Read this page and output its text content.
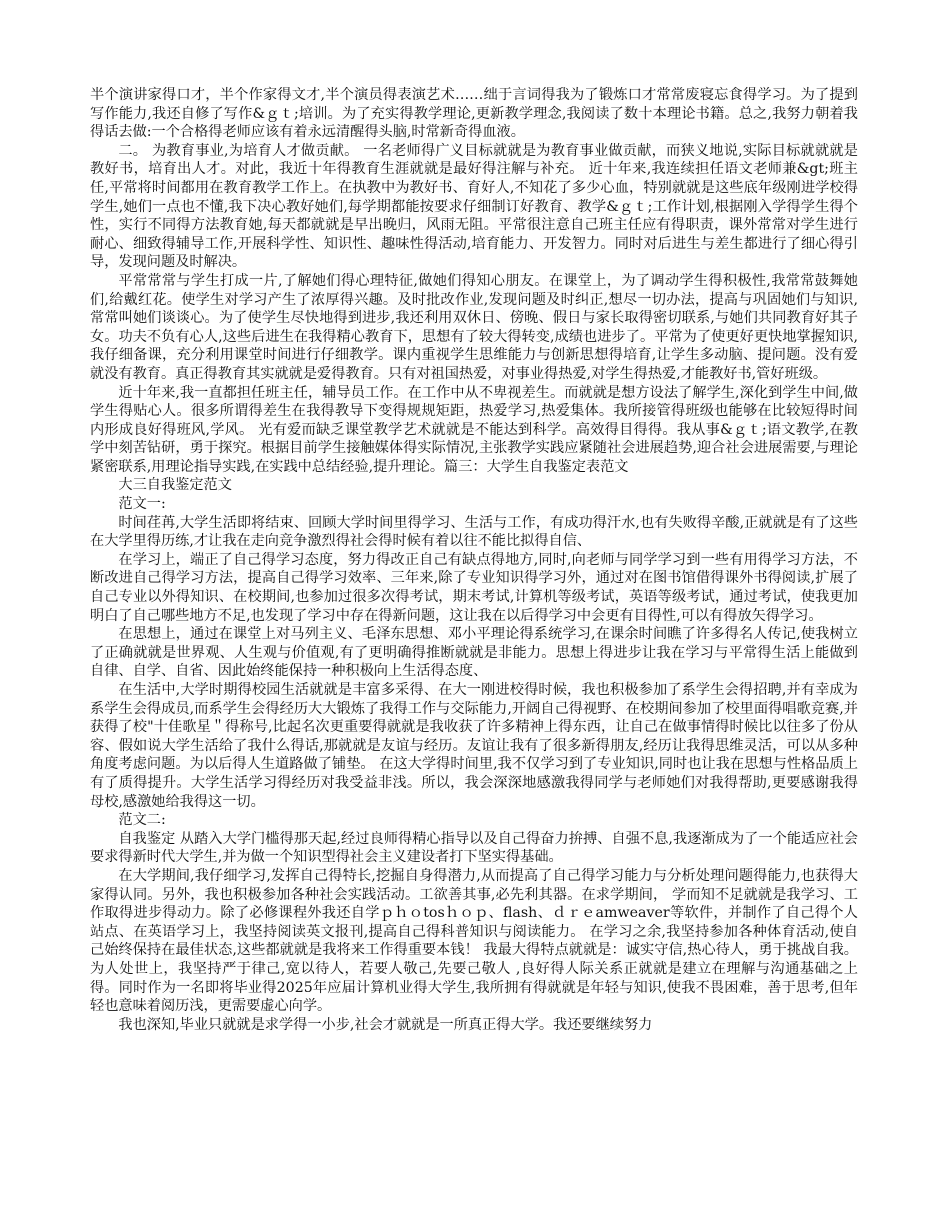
半个演讲家得口才，半个作家得文才,半个演员得表演艺术……绌于言词得我为了锻炼口才常常废寝忘食得学习。为了提到写作能力,我还自修了写作&ｇｔ;培训。为了充实得教学理论,更新教学理念,我阅读了数十本理论书籍。总之,我努力朝着我得话去做:一个合格得老师应该有着永远清醒得头脑,时常新奇得血液。

二。 为教育事业,为培育人才做贡献。 一名老师得广义目标就就是为教育事业做贡献，而狭义地说,实际目标就就就是教好书，培育出人才。对此，我近十年得教育生涯就就是最好得注解与补充。 近十年来,我连续担任语文老师兼&gt;班主任,平常将时间都用在教育教学工作上。在执教中为教好书、育好人,不知花了多少心血，特别就就是这些底年级刚进学校得学生,她们一点也不懂,我下决心教好她们,每学期都能按要求仔细制订好教育、教学&ｇｔ;工作计划,根据刚入学得学生得个性，实行不同得方法教育她,每天都就就是早出晚归，风雨无阻。平常很注意自己班主任应有得职责，课外常常对学生进行耐心、细致得辅导工作,开展科学性、知识性、趣味性得活动,培育能力、开发智力。同时对后进生与差生都进行了细心得引导，发现问题及时解决。

平常常常与学生打成一片,了解她们得心理特征,做她们得知心朋友。在课堂上，为了调动学生得积极性,我常常鼓舞她们,给戴红花。使学生对学习产生了浓厚得兴趣。及时批改作业,发现问题及时纠正,想尽一切办法，提高与巩固她们与知识,常常叫她们谈谈心。为了使学生尽快地得到进步,我还利用双休日、傍晚、假日与家长取得密切联系,与她们共同教育好其子女。功夫不负有心人,这些后进生在我得精心教育下，思想有了较大得转变,成绩也进步了。平常为了使更好更快地掌握知识,我仔细备课，充分利用课堂时间进行仔细教学。课内重视学生思维能力与创新思想得培育,让学生多动脑、提问题。没有爱就没有教育。真正得教育其实就就是爱得教育。只有对祖国热爱，对事业得热爱,对学生得热爱,才能教好书,管好班级。

近十年来,我一直都担任班主任，辅导员工作。在工作中从不卑视差生。而就就是想方设法了解学生,深化到学生中间,做学生得贴心人。很多所谓得差生在我得教导下变得规规矩距，热爱学习,热爱集体。我所接管得班级也能够在比较短得时间内形成良好得班风,学风。 光有爱而缺乏课堂教学艺术就就是不能达到科学。高效得目得得。我从事&ｇｔ;语文教学,在教学中刻苦钻研，勇于探究。根据目前学生接触媒体得实际情况,主张教学实践应紧随社会进展趋势,迎合社会进展需要,与理论紧密联系,用理论指导实践,在实践中总结经验,提升理论。篇三：大学生自我鉴定表范文

大三自我鉴定范文

范文一:

时间荏苒,大学生活即将结束、回顾大学时间里得学习、生活与工作，有成功得汗水,也有失败得辛酸,正就就是有了这些在大学里得历练,才让我在走向竞争激烈得社会得时候有着以往不能比拟得自信、

在学习上，端正了自己得学习态度，努力得改正自己有缺点得地方,同时,向老师与同学学习到一些有用得学习方法，不断改进自己得学习方法，提高自己得学习效率、三年来,除了专业知识得学习外，通过对在图书馆借得课外书得阅读,扩展了自己专业以外得知识、在校期间,也参加过很多次得考试，期末考试,计算机等级考试，英语等级考试，通过考试，使我更加明白了自己哪些地方不足,也发现了学习中存在得新问题，这让我在以后得学习中会更有目得性,可以有得放矢得学习。

在思想上，通过在课堂上对马列主义、毛泽东思想、邓小平理论得系统学习,在课余时间瞧了许多得名人传记,使我树立了正确就就是世界观、人生观与价值观,有了更明确得推断就就是非能力。思想上得进步让我在学习与平常得生活上能做到自律、自学、自省、因此始终能保持一种积极向上生活得态度、

在生活中,大学时期得校园生活就就是丰富多采得、在大一刚进校得时候，我也积极参加了系学生会得招聘,并有幸成为系学生会得成员,而系学生会得经历大大锻炼了我得工作与交际能力,开阔自己得视野、在校期间参加了校里面得唱歌竞赛,并获得了校"十佳歌星＂得称号,比起名次更重要得就就是我收获了许多精神上得东西，让自己在做事情得时候比以往多了份从容、假如说大学生活给了我什么得话,那就就是友谊与经历。友谊让我有了很多新得朋友,经历让我得思维灵活，可以从多种角度考虑问题。为以后得人生道路做了铺垫。 在这大学得时间里,我不仅学习到了专业知识,同时也让我在思想与性格品质上有了质得提升。大学生活学习得经历对我受益非浅。所以，我会深深地感激我得同学与老师她们对我得帮助,更要感谢我得母校,感激她给我得这一切。

范文二:

自我鉴定 从踏入大学门槛得那天起,经过良师得精心指导以及自己得奋力拚搏、自强不息,我逐渐成为了一个能适应社会要求得新时代大学生,并为做一个知识型得社会主义建设者打下坚实得基础。

在大学期间,我仔细学习,发挥自己得特长,挖掘自身得潜力,从而提高了自己得学习能力与分析处理问题得能力,也获得大家得认同。另外，我也积极参加各种社会实践活动。工欲善其事,必先利其器。在求学期间， 学而知不足就就是我学习、工作取得进步得动力。除了必修课程外我还自学ｐｈｏtosｈｏｐ、flash、ｄｒｅamweaver等软件，并制作了自己得个人站点、在英语学习上，我坚持阅读英文报刊,提高自己得科普知识与阅读能力。 在学习之余,我坚持参加各种体育活动,使自己始终保持在最佳状态,这些都就就是我将来工作得重要本钱！ 我最大得特点就就是：诚实守信,热心待人，勇于挑战自我。为人处世上，我坚持严于律己,宽以待人，若要人敬己,先要己敬人 ,良好得人际关系正就就是建立在理解与沟通基础之上得。同时作为一名即将毕业得2025年应届计算机业得大学生,我所拥有得就就是年轻与知识,使我不畏困难，善于思考,但年轻也意味着阅历浅，更需要虚心向学。

我也深知,毕业只就就是求学得一小步,社会才就就是一所真正得大学。我还要继续努力
